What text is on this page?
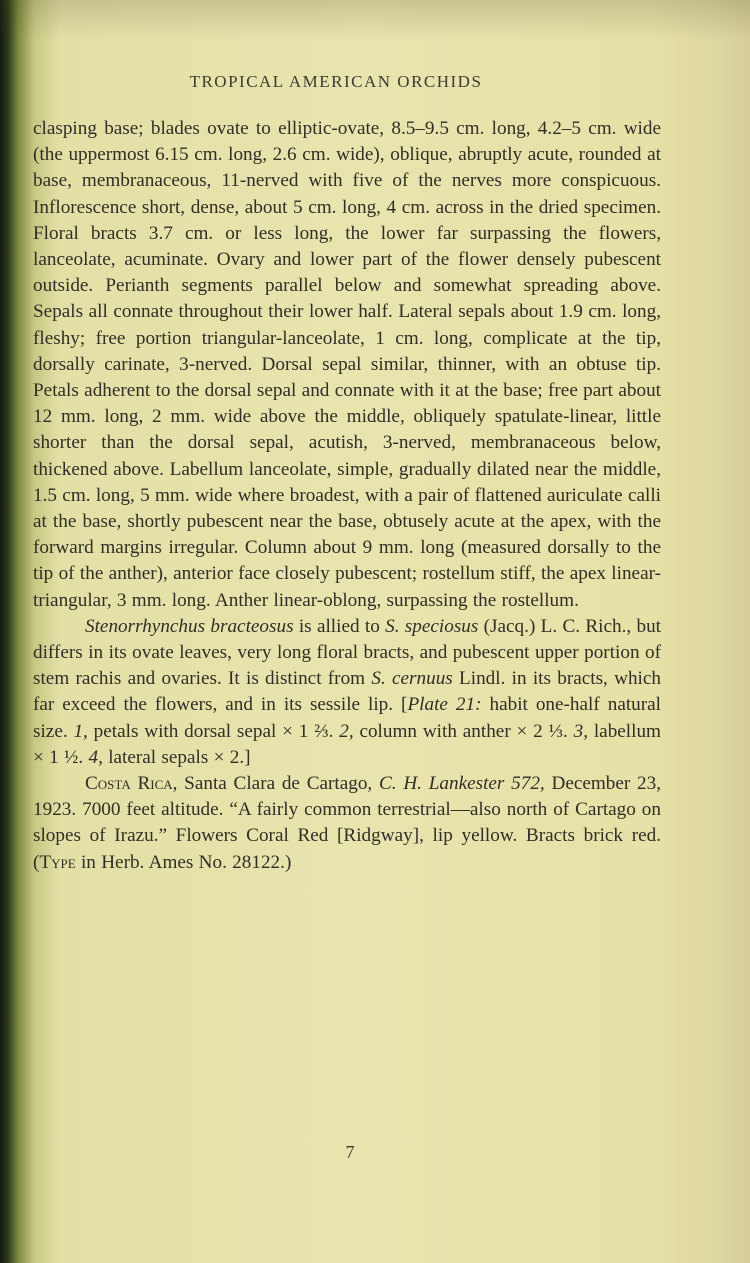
TROPICAL AMERICAN ORCHIDS

clasping base; blades ovate to elliptic-ovate, 8.5–9.5 cm. long, 4.2–5 cm. wide (the uppermost 6.15 cm. long, 2.6 cm. wide), oblique, abruptly acute, rounded at base, membranaceous, 11-nerved with five of the nerves more conspicuous. Inflorescence short, dense, about 5 cm. long, 4 cm. across in the dried specimen. Floral bracts 3.7 cm. or less long, the lower far surpassing the flowers, lanceolate, acuminate. Ovary and lower part of the flower densely pubescent outside. Perianth segments parallel below and somewhat spreading above. Sepals all connate throughout their lower half. Lateral sepals about 1.9 cm. long, fleshy; free portion triangular-lanceolate, 1 cm. long, complicate at the tip, dorsally carinate, 3-nerved. Dorsal sepal similar, thinner, with an obtuse tip. Petals adherent to the dorsal sepal and connate with it at the base; free part about 12 mm. long, 2 mm. wide above the middle, obliquely spatulate-linear, little shorter than the dorsal sepal, acutish, 3-nerved, membranaceous below, thickened above. Labellum lanceolate, simple, gradually dilated near the middle, 1.5 cm. long, 5 mm. wide where broadest, with a pair of flattened auriculate calli at the base, shortly pubescent near the base, obtusely acute at the apex, with the forward margins irregular. Column about 9 mm. long (measured dorsally to the tip of the anther), anterior face closely pubescent; rostellum stiff, the apex linear-triangular, 3 mm. long. Anther linear-oblong, surpassing the rostellum.

Stenorrhynchus bracteosus is allied to S. speciosus (Jacq.) L. C. Rich., but differs in its ovate leaves, very long floral bracts, and pubescent upper portion of stem rachis and ovaries. It is distinct from S. cernuus Lindl. in its bracts, which far exceed the flowers, and in its sessile lip. [Plate 21: habit one-half natural size. 1, petals with dorsal sepal × 1 ⅔. 2, column with anther × 2 ⅓. 3, labellum × 1 ½. 4, lateral sepals × 2.]

Costa Rica, Santa Clara de Cartago, C. H. Lankester 572, December 23, 1923. 7000 feet altitude. “A fairly common terrestrial—also north of Cartago on slopes of Irazu.” Flowers Coral Red [Ridgway], lip yellow. Bracts brick red. (Type in Herb. Ames No. 28122.)

7
